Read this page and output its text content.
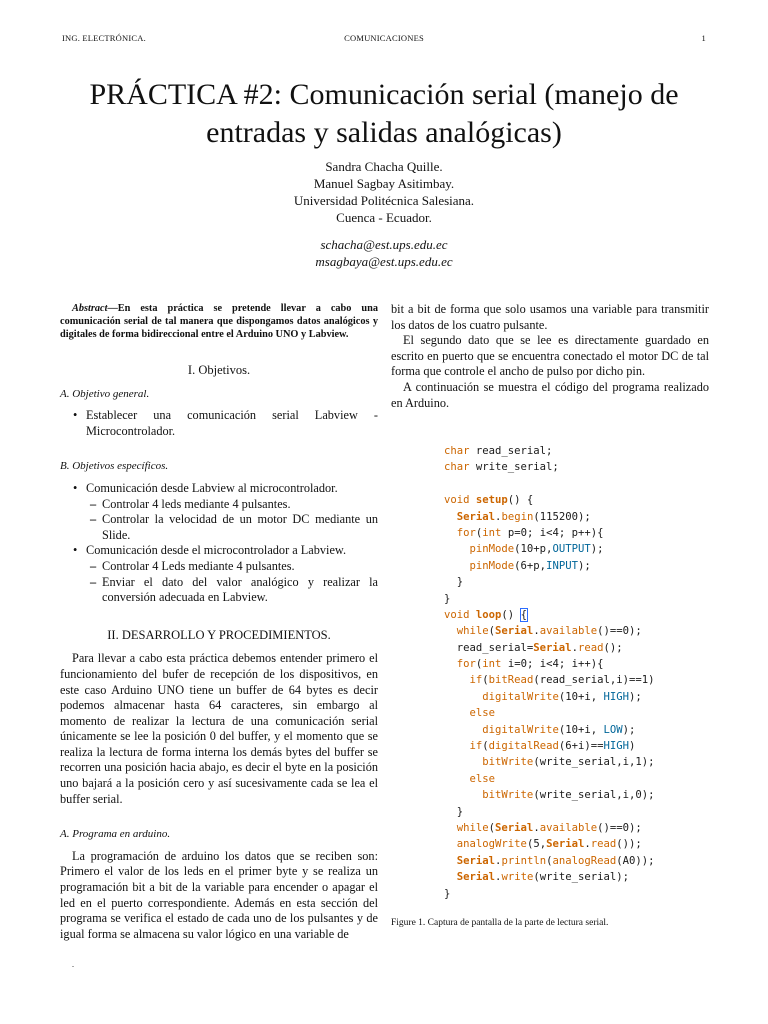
ING. ELECTRÓNICA.	COMUNICACIONES	1
PRÁCTICA #2: Comunicación serial (manejo de entradas y salidas analógicas)
Sandra Chacha Quille.
Manuel Sagbay Asitimbay.
Universidad Politécnica Salesiana.
Cuenca - Ecuador.
schacha@est.ups.edu.ec
msagbaya@est.ups.edu.ec

Abstract—En esta práctica se pretende llevar a cabo una comunicación serial de tal manera que dispongamos datos analógicos y digitales de forma bidireccional entre el Arduino UNO y Labview.

I. Objetivos.
A. Objetivo general.
• Establecer una comunicación serial Labview - Microcontrolador.
B. Objetivos específicos.
• Comunicación desde Labview al microcontrolador.
– Controlar 4 leds mediante 4 pulsantes.
– Controlar la velocidad de un motor DC mediante un Slide.
• Comunicación desde el microcontrolador a Labview.
– Controlar 4 Leds mediante 4 pulsantes.
– Enviar el dato del valor analógico y realizar la conversión adecuada en Labview.
II. DESARROLLO Y PROCEDIMIENTOS.

Para llevar a cabo esta práctica debemos entender primero el funcionamiento del bufer de recepción de los dispositivos, en este caso Arduino UNO tiene un buffer de 64 bytes es decir podemos almacenar hasta 64 caracteres, sin embargo al momento de realizar la lectura de una comunicación serial únicamente se lee la posición 0 del buffer, y el momento que se realiza la lectura de forma interna los demás bytes del buffer se recorren una posición hacia abajo, es decir el byte en la posición uno bajará a la posición cero y así sucesivamente cada se lea el buffer serial.

A. Programa en arduino.

La programación de arduino los datos que se reciben son: Primero el valor de los leds en el primer byte y se realiza un programación bit a bit de la variable para encender o apagar el led en el puerto correspondiente. Además en esta sección del programa se verifica el estado de cada uno de los pulsantes y de igual forma se almacena su valor lógico en una variable de

bit a bit de forma que solo usamos una variable para transmitir los datos de los cuatro pulsante.

El segundo dato que se lee es directamente guardado en escrito en puerto que se encuentra conectado el motor DC de tal forma que controle el ancho de pulso por dicho pin.

A continuación se muestra el código del programa realizado en Arduino.

char read_serial;
char write_serial;

void setup() {
Serial.begin(115200);
for(int p=0; i<4; p++){
pinMode(10+p,OUTPUT);
pinMode(6+p,INPUT);
}
}
void loop() {
while(Serial.available()==0);
read_serial=Serial.read();
for(int i=0; i<4; i++){
if(bitRead(read_serial,i)==1)
digitalWrite(10+i, HIGH);
else
digitalWrite(10+i, LOW);
if(digitalRead(6+i)==HIGH)
bitWrite(write_serial,i,1);
else
bitWrite(write_serial,i,0);
}
while(Serial.available()==0);
analogWrite(5,Serial.read());
Serial.println(analogRead(A0));
Serial.write(write_serial);
}
Figure 1. Captura de pantalla de la parte de lectura serial.
.
